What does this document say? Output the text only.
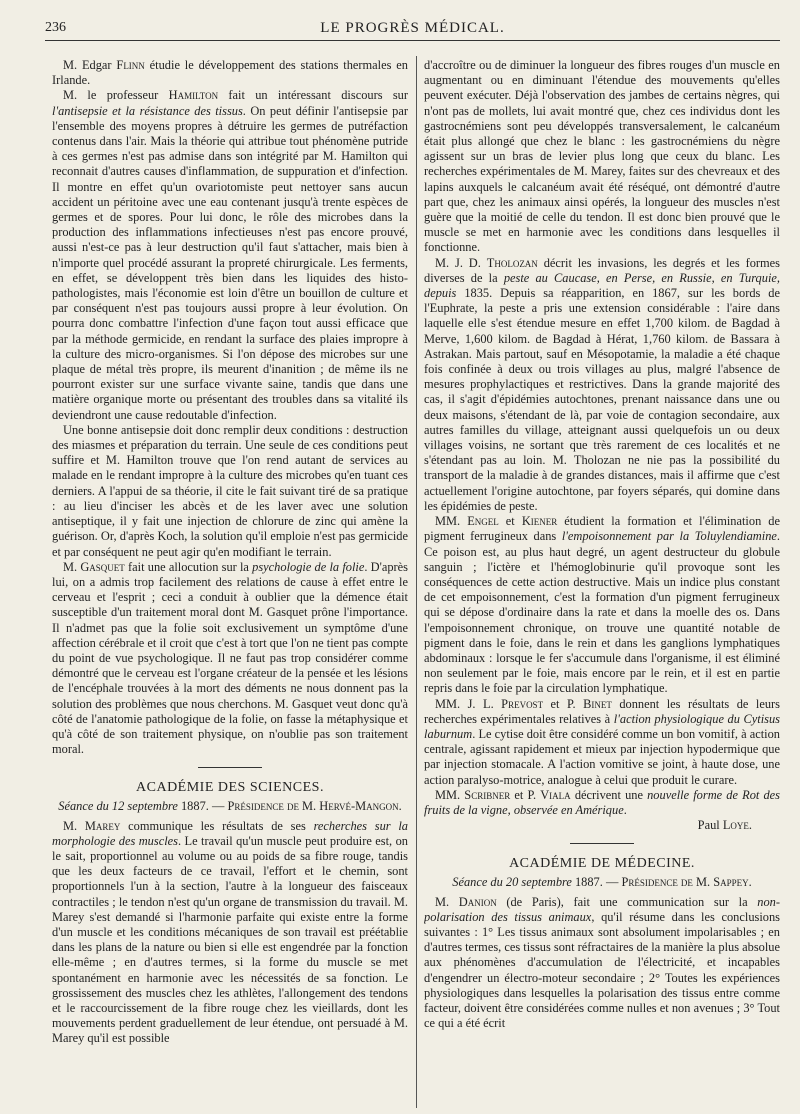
236	LE PROGRÈS MÉDICAL.

M. Edgar Flinn étudie le développement des stations thermales en Irlande.

M. le professeur Hamilton fait un intéressant discours sur l'antisepsie et la résistance des tissus. On peut définir l'antisepsie par l'ensemble des moyens propres à détruire les germes de putréfaction contenus dans l'air. Mais la théorie qui attribue tout phénomène putride à ces germes n'est pas admise dans son intégrité par M. Hamilton qui reconnait d'autres causes d'inflammation, de suppuration et d'infection. Il montre en effet qu'un ovariotomiste peut nettoyer sans aucun accident un péritoine avec une eau contenant jusqu'à trente espèces de germes et de spores. Pour lui donc, le rôle des microbes dans la production des inflammations infectieuses n'est pas encore prouvé, aussi n'est-ce pas à leur destruction qu'il faut s'attacher, mais bien à n'importe quel procédé assurant la propreté chirurgicale. Les ferments, en effet, se développent très bien dans les liquides des histo-pathologistes, mais l'économie est loin d'être un bouillon de culture et par conséquent n'est pas toujours aussi propre à leur évolution. On pourra donc combattre l'infection d'une façon tout aussi efficace que par la méthode germicide, en rendant la surface des plaies impropre à la culture des micro-organismes. Si l'on dépose des microbes sur une plaque de métal très propre, ils meurent d'inanition ; de même ils ne pourront exister sur une surface vivante saine, tandis que dans une matière organique morte ou présentant des troubles dans sa vitalité ils deviendront une cause redoutable d'infection.

Une bonne antisepsie doit donc remplir deux conditions : destruction des miasmes et préparation du terrain. Une seule de ces conditions peut suffire et M. Hamilton trouve que l'on rend autant de services au malade en le rendant impropre à la culture des microbes qu'en tuant ces derniers. A l'appui de sa théorie, il cite le fait suivant tiré de sa pratique : au lieu d'inciser les abcès et de les laver avec une solution antiseptique, il y fait une injection de chlorure de zinc qui amène la guérison. Or, d'après Koch, la solution qu'il emploie n'est pas germicide et par conséquent ne peut agir qu'en modifiant le terrain.

M. Gasquet fait une allocution sur la psychologie de la folie. D'après lui, on a admis trop facilement des relations de cause à effet entre le cerveau et l'esprit ; ceci a conduit à oublier que la démence était susceptible d'un traitement moral dont M. Gasquet prône l'importance. Il n'admet pas que la folie soit exclusivement un symptôme d'une affection cérébrale et il croit que c'est à tort que l'on ne tient pas compte du point de vue psychologique. Il ne faut pas trop considérer comme démontré que le cerveau est l'organe créateur de la pensée et les lésions de l'encéphale trouvées à la mort des déments ne nous donnent pas la solution des problèmes que nous cherchons. M. Gasquet veut donc qu'à côté de l'anatomie pathologique de la folie, on fasse la métaphysique et qu'à côté de son traitement physique, on n'oublie pas son traitement moral.

ACADÉMIE DES SCIENCES.
Séance du 12 septembre 1887. — Présidence de M. Hervé-Mangon.

M. Marey communique les résultats de ses recherches sur la morphologie des muscles. Le travail qu'un muscle peut produire est, on le sait, proportionnel au volume ou au poids de sa fibre rouge, tandis que les deux facteurs de ce travail, l'effort et le chemin, sont proportionnels l'un à la section, l'autre à la longueur des faisceaux contractiles ; le tendon n'est qu'un organe de transmission du travail. M. Marey s'est demandé si l'harmonie parfaite qui existe entre la forme d'un muscle et les conditions mécaniques de son travail est préétablie dans les plans de la nature ou bien si elle est engendrée par la fonction elle-même ; en d'autres termes, si la forme du muscle se met spontanément en harmonie avec les nécessités de sa fonction. Le grossissement des muscles chez les athlètes, l'allongement des tendons et le raccourcissement de la fibre rouge chez les vieillards, dont les mouvements perdent graduellement de leur étendue, ont persuadé à M. Marey qu'il est possible

d'accroître ou de diminuer la longueur des fibres rouges d'un muscle en augmentant ou en diminuant l'étendue des mouvements qu'elles peuvent exécuter. Déjà l'observation des jambes de certains nègres, qui n'ont pas de mollets, lui avait montré que, chez ces individus dont les gastrocnémiens sont peu développés transversalement, le calcanéum était plus allongé que chez le blanc : les gastrocnémiens du nègre agissent sur un bras de levier plus long que ceux du blanc. Les recherches expérimentales de M. Marey, faites sur des chevreaux et des lapins auxquels le calcanéum avait été réséqué, ont démontré d'autre part que, chez les animaux ainsi opérés, la longueur des muscles n'est guère que la moitié de celle du tendon. Il est donc bien prouvé que le muscle se met en harmonie avec les conditions dans lesquelles il fonctionne.

M. J. D. Tholozan décrit les invasions, les degrés et les formes diverses de la peste au Caucase, en Perse, en Russie, en Turquie, depuis 1835. Depuis sa réapparition, en 1867, sur les bords de l'Euphrate, la peste a pris une extension considérable : l'aire dans laquelle elle s'est étendue mesure en effet 1,700 kilom. de Bagdad à Merve, 1,600 kilom. de Bagdad à Hérat, 1,760 kilom. de Bassara à Astrakan. Mais partout, sauf en Mésopotamie, la maladie a été chaque fois confinée à deux ou trois villages au plus, malgré l'absence de mesures prophylactiques et restrictives. Dans la grande majorité des cas, il s'agit d'épidémies autochtones, prenant naissance dans une ou deux maisons, s'étendant de là, par voie de contagion secondaire, aux autres familles du village, atteignant aussi quelquefois un ou deux villages voisins, ne sortant que très rarement de ces localités et ne s'étendant pas au loin. M. Tholozan ne nie pas la possibilité du transport de la maladie à de grandes distances, mais il affirme que c'est actuellement l'origine autochtone, par foyers séparés, qui domine dans les épidémies de peste.

MM. Engel et Kiener étudient la formation et l'élimination de pigment ferrugineux dans l'empoisonnement par la Toluylendiamine. Ce poison est, au plus haut degré, un agent destructeur du globule sanguin ; l'ictère et l'hémoglobinurie qu'il provoque sont les conséquences de cette action destructive. Mais un indice plus constant de cet empoisonnement, c'est la formation d'un pigment ferrugineux qui se dépose d'ordinaire dans la rate et dans la moelle des os. Dans l'empoisonnement chronique, on trouve une quantité notable de pigment dans le foie, dans le rein et dans les ganglions lymphatiques abdominaux : lorsque le fer s'accumule dans l'organisme, il est éliminé non seulement par le foie, mais encore par le rein, et il est en partie repris dans le foie par la circulation lymphatique.

MM. J. L. Prevost et P. Binet donnent les résultats de leurs recherches expérimentales relatives à l'action physiologique du Cytisus laburnum. Le cytise doit être considéré comme un bon vomitif, à action centrale, agissant rapidement et mieux par injection hypodermique que par injection stomacale. A l'action vomitive se joint, à haute dose, une action paralyso-motrice, analogue à celui que produit le curare.

MM. Scribner et P. Viala décrivent une nouvelle forme de Rot des fruits de la vigne, observée en Amérique.

Paul Loye.
ACADÉMIE DE MÉDECINE.
Séance du 20 septembre 1887. — Présidence de M. Sappey.

M. Danion (de Paris), fait une communication sur la non-polarisation des tissus animaux, qu'il résume dans les conclusions suivantes : 1° Les tissus animaux sont absolument impolarisables ; en d'autres termes, ces tissus sont réfractaires de la manière la plus absolue aux phénomènes d'accumulation de l'électricité, et incapables d'engendrer un électro-moteur secondaire ; 2° Toutes les expériences physiologiques dans lesquelles la polarisation des tissus entre comme facteur, doivent être considérées comme nulles et non avenues ; 3° Tout ce qui a été écrit
